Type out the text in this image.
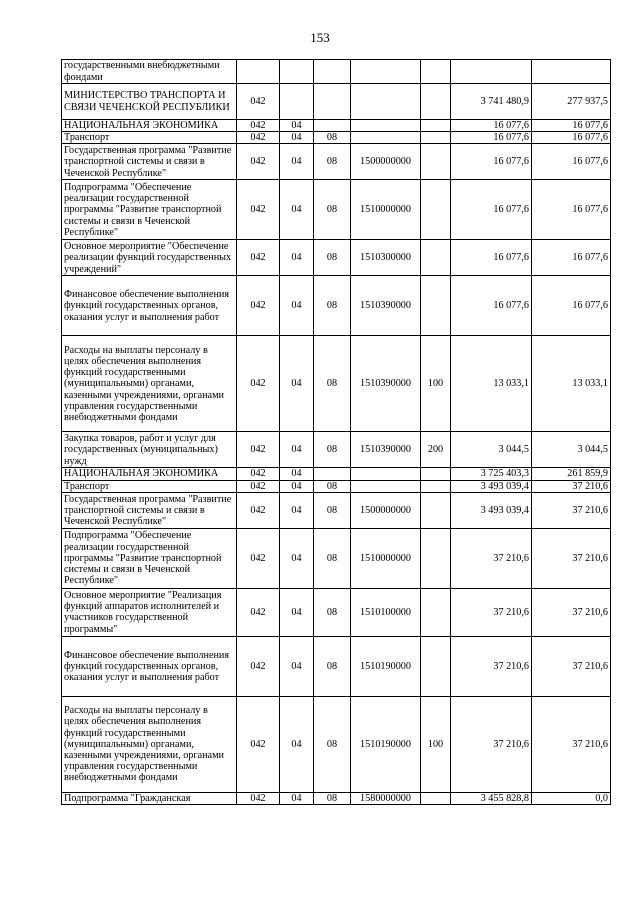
153
государственными внебюджетными фондами							
МИНИСТЕРСТВО ТРАНСПОРТА И СВЯЗИ ЧЕЧЕНСКОЙ РЕСПУБЛИКИ	042					3 741 480,9	277 937,5
НАЦИОНАЛЬНАЯ ЭКОНОМИКА	042	04				16 077,6	16 077,6
Транспорт	042	04	08			16 077,6	16 077,6
Государственная программа "Развитие транспортной системы и связи в Чеченской Республике"	042	04	08	1500000000		16 077,6	16 077,6
Подпрограмма "Обеспечение реализации государственной программы "Развитие транспортной системы и связи в Чеченской Республике"	042	04	08	1510000000		16 077,6	16 077,6
Основное мероприятие "Обеспечение реализации функций государственных учреждений"	042	04	08	1510300000		16 077,6	16 077,6
Финансовое обеспечение выполнения функций государственных органов, оказания услуг и выполнения работ	042	04	08	1510390000		16 077,6	16 077,6
Расходы на выплаты персоналу в целях обеспечения выполнения функций государственными (муниципальными) органами, казенными учреждениями, органами управления государственными внебюджетными фондами	042	04	08	1510390000	100	13 033,1	13 033,1
Закупка товаров, работ и услуг для государственных (муниципальных) нужд	042	04	08	1510390000	200	3 044,5	3 044,5
НАЦИОНАЛЬНАЯ ЭКОНОМИКА	042	04				3 725 403,3	261 859,9
Транспорт	042	04	08			3 493 039,4	37 210,6
Государственная программа "Развитие транспортной системы и связи в Чеченской Республике"	042	04	08	1500000000		3 493 039,4	37 210,6
Подпрограмма "Обеспечение реализации государственной программы "Развитие транспортной системы и связи в Чеченской Республике"	042	04	08	1510000000		37 210,6	37 210,6
Основное мероприятие "Реализация функций аппаратов исполнителей и участников государственной программы"	042	04	08	1510100000		37 210,6	37 210,6
Финансовое обеспечение выполнения функций государственных органов, оказания услуг и выполнения работ	042	04	08	1510190000		37 210,6	37 210,6
Расходы на выплаты персоналу в целях обеспечения выполнения функций государственными (муниципальными) органами, казенными учреждениями, органами управления государственными внебюджетными фондами	042	04	08	1510190000	100	37 210,6	37 210,6
Подпрограмма "Гражданская	042	04	08	1580000000		3 455 828,8	0,0
